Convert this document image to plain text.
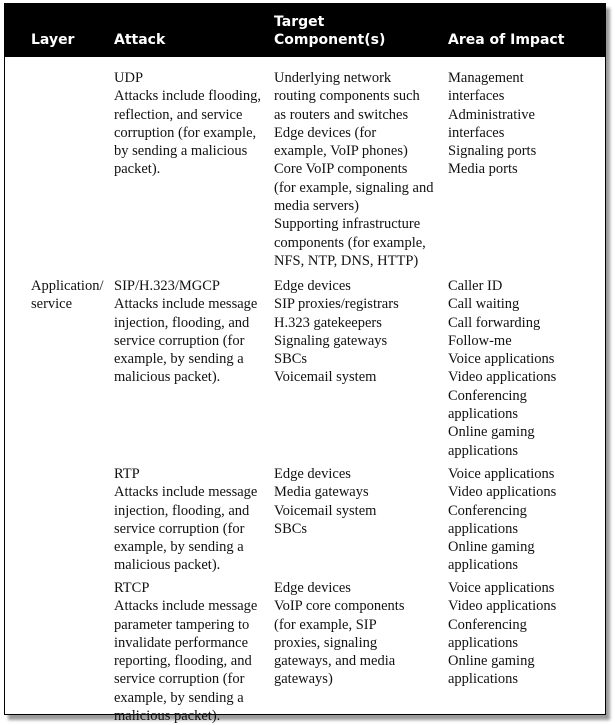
Layer	Attack
Target
Component(s)	Area of Impact
UDP
Attacks include flooding,
reflection, and service
corruption (for example,
by sending a malicious
packet).
Underlying network
routing components such
as routers and switches
Edge devices (for
example, VoIP phones)
Core VoIP components
(for example, signaling and
media servers)
Supporting infrastructure
components (for example,
NFS, NTP, DNS, HTTP)
Management
interfaces
Administrative
interfaces
Signaling ports
Media ports
Application/
service
SIP/H.323/MGCP
Attacks include message
injection, flooding, and
service corruption (for
example, by sending a
malicious packet).
Edge devices
SIP proxies/registrars
H.323 gatekeepers
Signaling gateways
SBCs
Voicemail system
Caller ID
Call waiting
Call forwarding
Follow-me
Voice applications
Video applications
Conferencing
applications
Online gaming
applications
RTP
Attacks include message
injection, flooding, and
service corruption (for
example, by sending a
malicious packet).
Edge devices
Media gateways
Voicemail system
SBCs
Voice applications
Video applications
Conferencing
applications
Online gaming
applications
RTCP
Attacks include message
parameter tampering to
invalidate performance
reporting, flooding, and
service corruption (for
example, by sending a
malicious packet).
Edge devices
VoIP core components
(for example, SIP
proxies, signaling
gateways, and media
gateways)
Voice applications
Video applications
Conferencing
applications
Online gaming
applications
